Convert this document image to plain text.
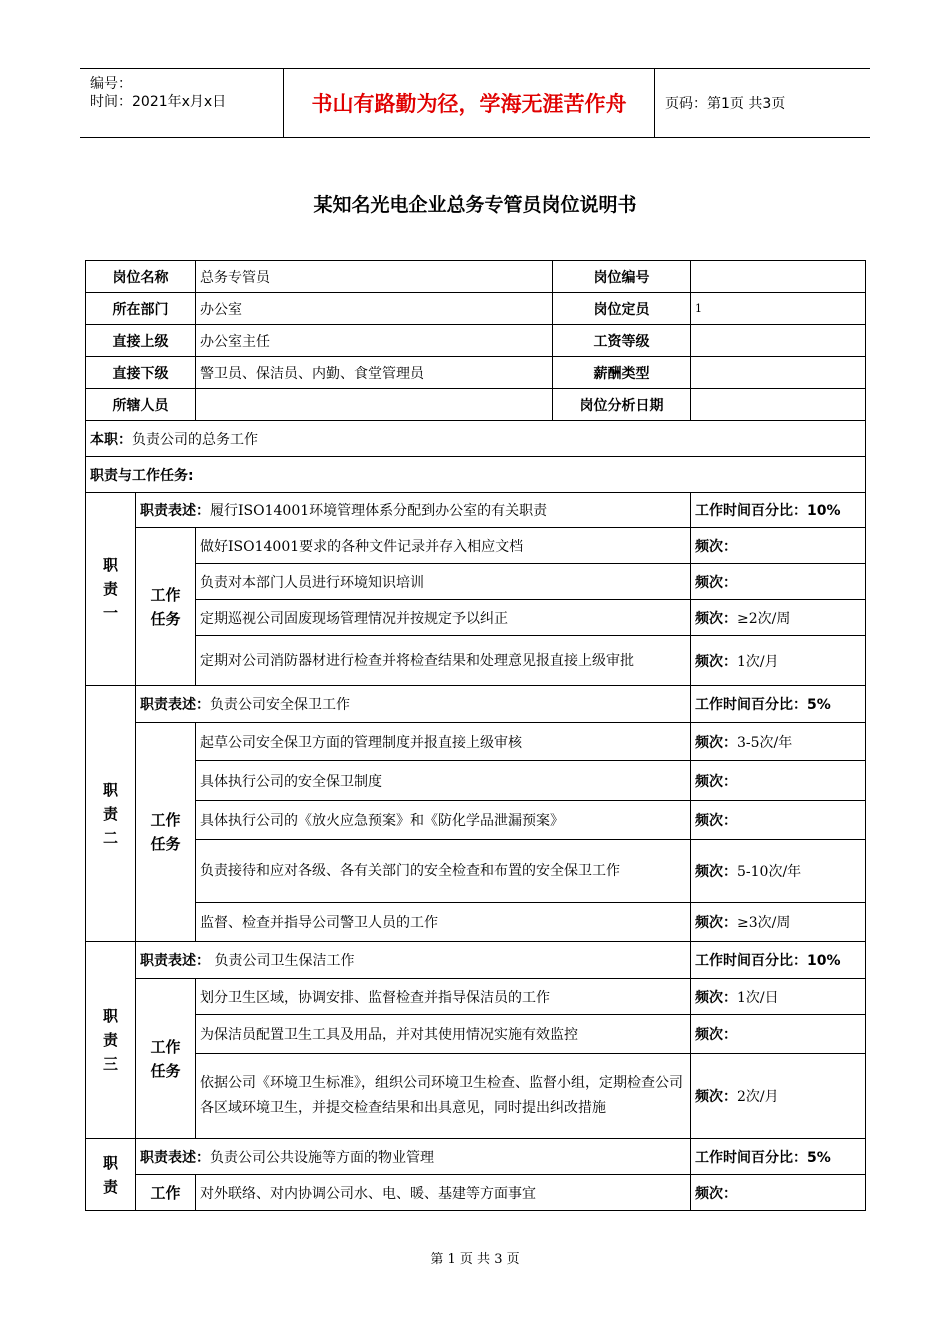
编号：
时间：2021年x月x日	书山有路勤为径，学海无涯苦作舟	页码：第1页 共3页
某知名光电企业总务专管员岗位说明书
岗位名称		总务专管员	岗位编号	
所在部门		办公室	岗位定员	1
直接上级		办公室主任	工资等级	
直接下级		警卫员、保洁员、内勤、食堂管理员	薪酬类型	
所辖人员			岗位分析日期	
本职：负责公司的总务工作				
职责与工作任务:				
职
责
一	职责表述：履行ISO14001环境管理体系分配到办公室的有关职责			工作时间百分比：10%
	工作
任务	做好ISO14001要求的各种文件记录并存入相应文档		频次：
		负责对本部门人员进行环境知识培训		频次：
		定期巡视公司固废现场管理情况并按规定予以纠正		频次：≥2次/周
		定期对公司消防器材进行检查并将检查结果和处理意见报直接上级审批		频次：1次/月
职
责
二	职责表述：负责公司安全保卫工作			工作时间百分比：5%
	工作
任务	起草公司安全保卫方面的管理制度并报直接上级审核		频次：3-5次/年
		具体执行公司的安全保卫制度		频次：
		具体执行公司的《放火应急预案》和《防化学品泄漏预案》		频次：
		负责接待和应对各级、各有关部门的安全检查和布置的安全保卫工作		频次：5-10次/年
		监督、检查并指导公司警卫人员的工作		频次：≥3次/周
职
责
三	职责表述： 负责公司卫生保洁工作			工作时间百分比：10%
	工作
任务	划分卫生区域，协调安排、监督检查并指导保洁员的工作		频次：1次/日
		为保洁员配置卫生工具及用品，并对其使用情况实施有效监控		频次：
		依据公司《环境卫生标准》，组织公司环境卫生检查、监督小组，定期检查公司各区域环境卫生，并提交检查结果和出具意见，同时提出纠改措施		频次：2次/月
职
责	职责表述：负责公司公共设施等方面的物业管理			工作时间百分比：5%
	工作	对外联络、对内协调公司水、电、暖、基建等方面事宜		频次：
第 1 页 共 3 页
